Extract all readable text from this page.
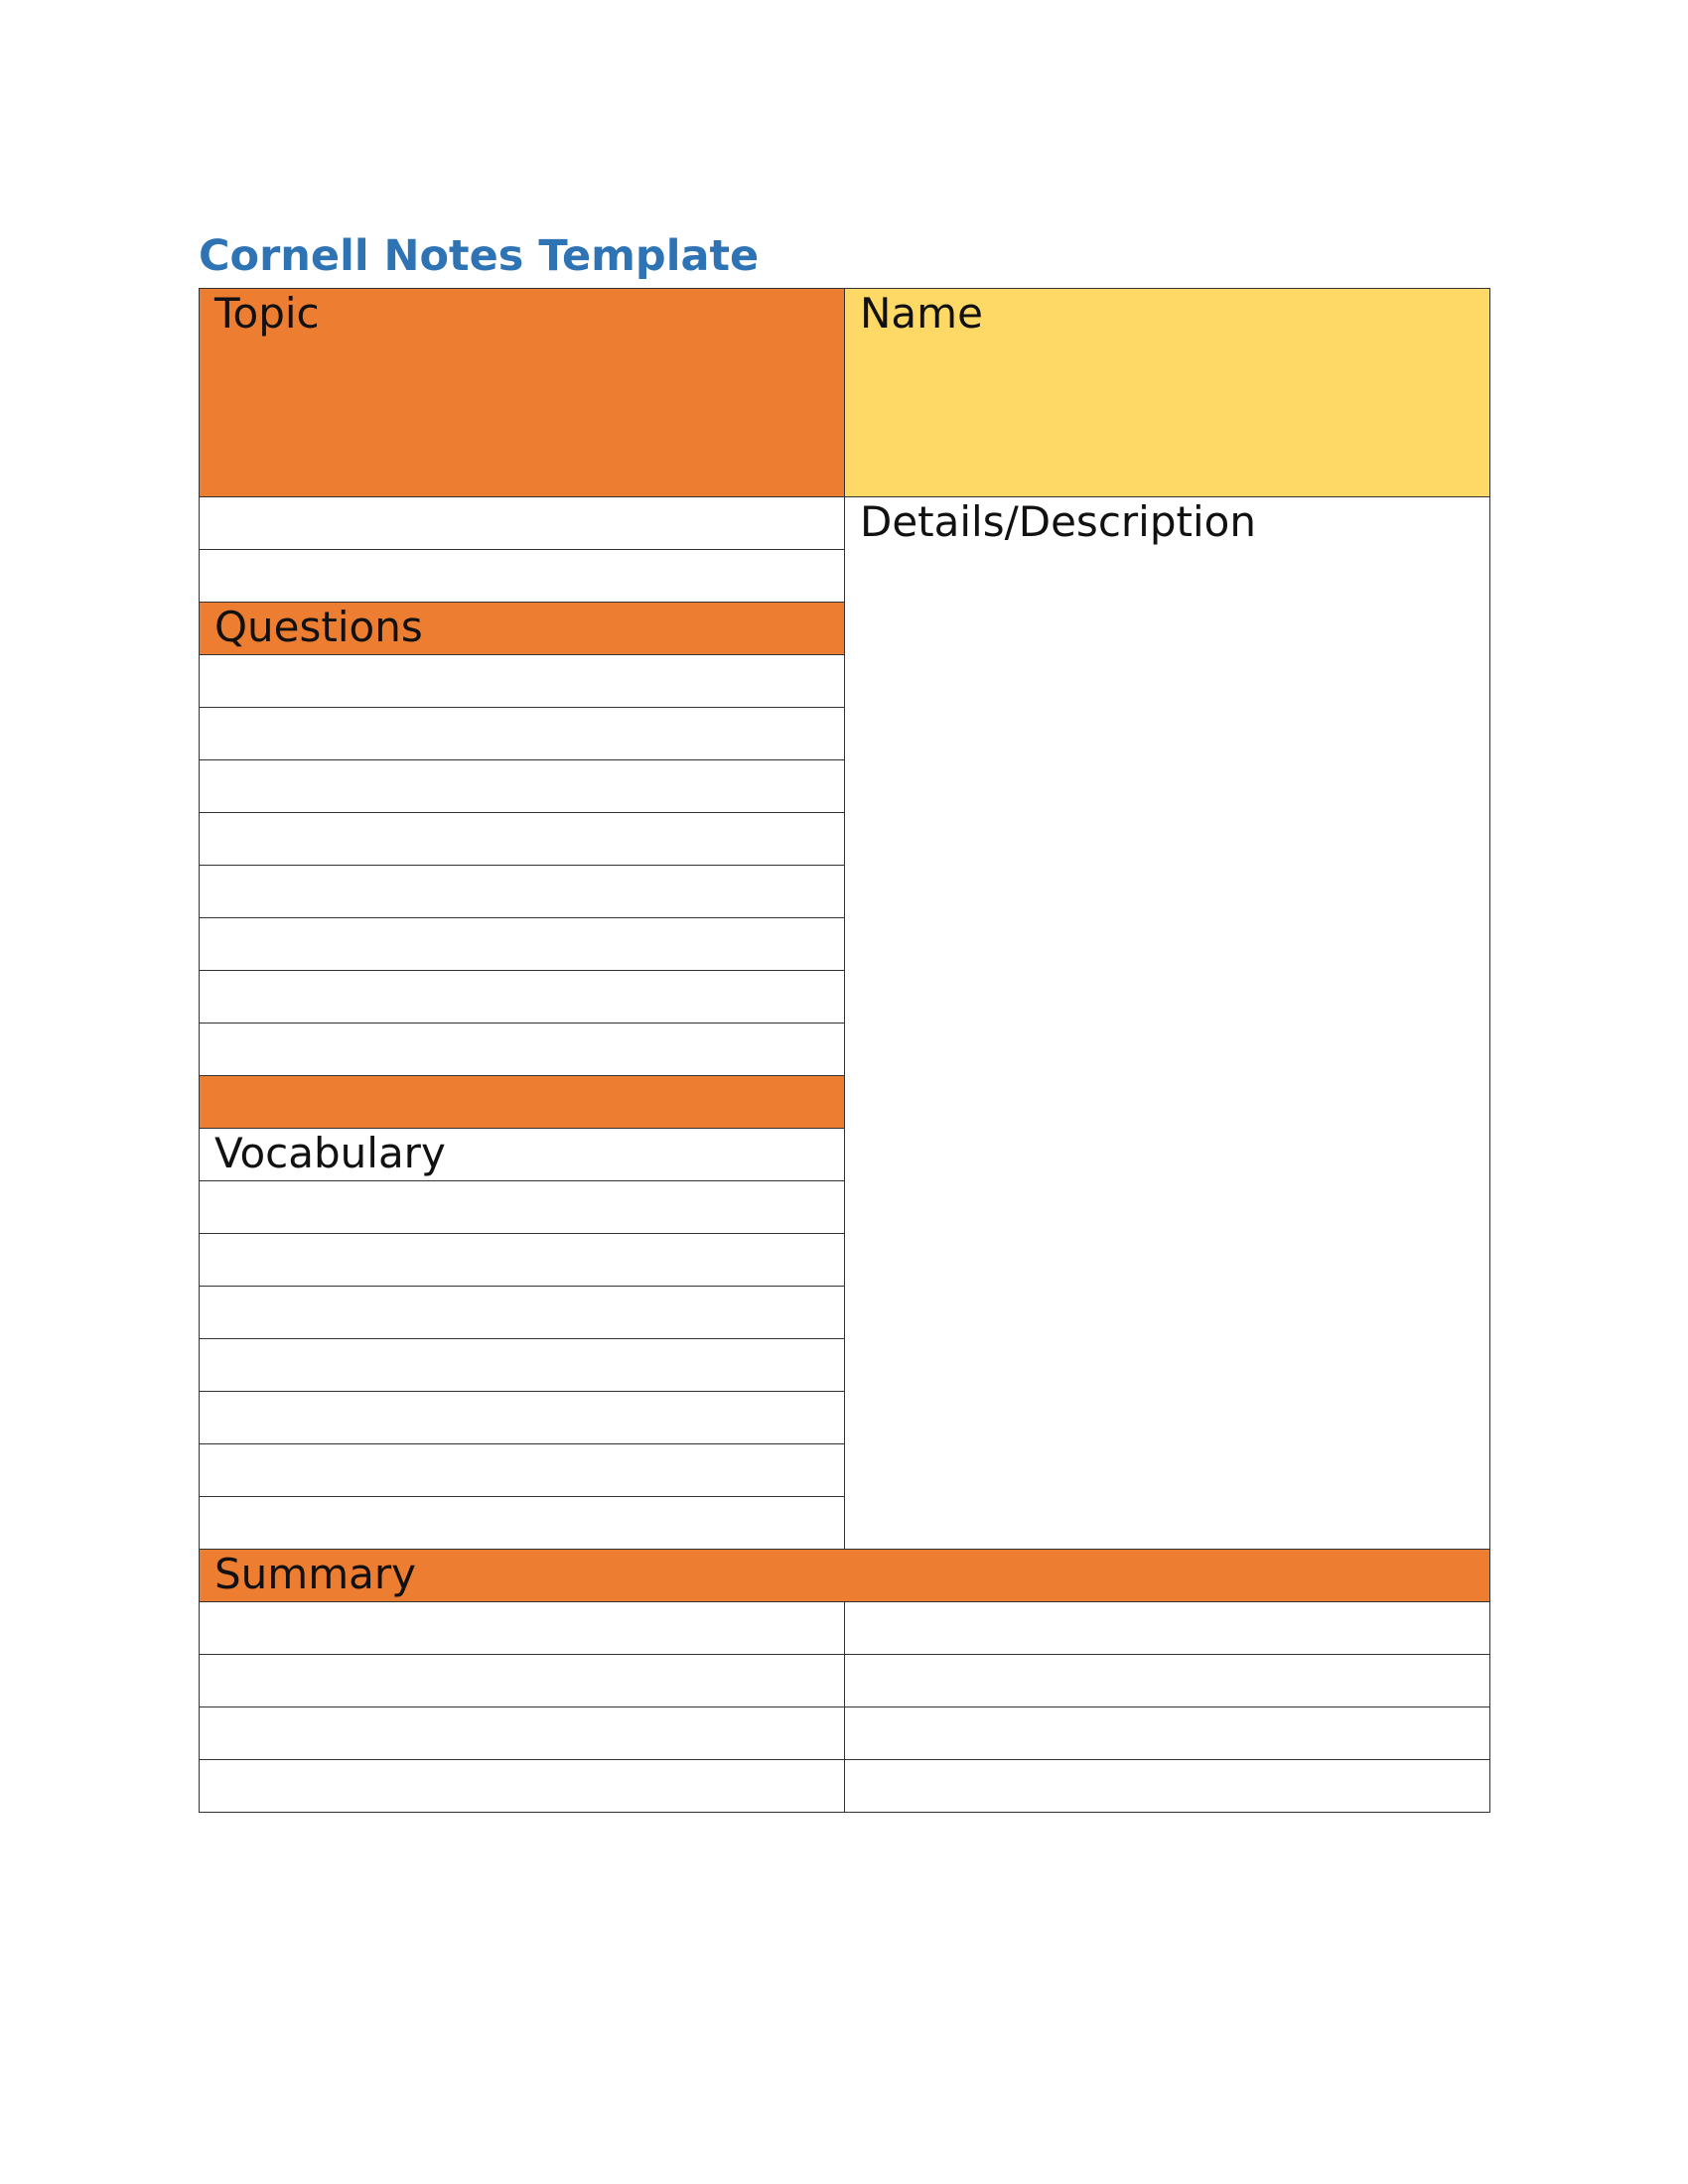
Cornell Notes Template
Topic	Name
	Details/Description

Questions	

Vocabulary	

Summary	
